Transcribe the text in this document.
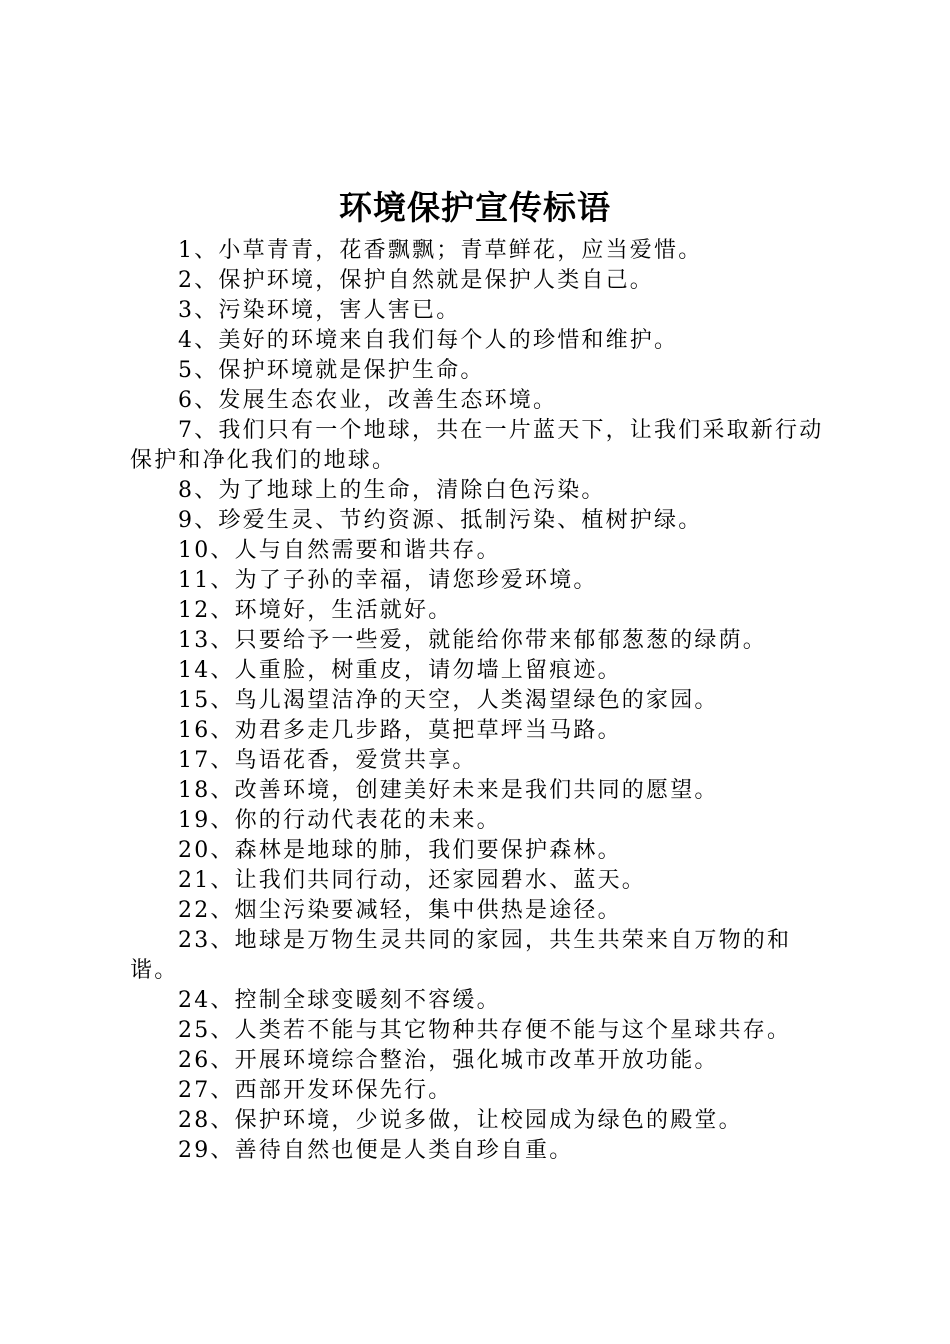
环境保护宣传标语

1、小草青青，花香飘飘；青草鲜花，应当爱惜。

2、保护环境，保护自然就是保护人类自己。

3、污染环境，害人害已。

4、美好的环境来自我们每个人的珍惜和维护。

5、保护环境就是保护生命。

6、发展生态农业，改善生态环境。

7、我们只有一个地球，共在一片蓝天下，让我们采取新行动保护和净化我们的地球。

8、为了地球上的生命，清除白色污染。

9、珍爱生灵、节约资源、抵制污染、植树护绿。

10、人与自然需要和谐共存。

11、为了子孙的幸福，请您珍爱环境。

12、环境好，生活就好。

13、只要给予一些爱，就能给你带来郁郁葱葱的绿荫。

14、人重脸，树重皮，请勿墙上留痕迹。

15、鸟儿渴望洁净的天空，人类渴望绿色的家园。

16、劝君多走几步路，莫把草坪当马路。

17、鸟语花香，爱赏共享。

18、改善环境，创建美好未来是我们共同的愿望。

19、你的行动代表花的未来。

20、森林是地球的肺，我们要保护森林。

21、让我们共同行动，还家园碧水、蓝天。

22、烟尘污染要减轻，集中供热是途径。

23、地球是万物生灵共同的家园，共生共荣来自万物的和谐。

24、控制全球变暖刻不容缓。

25、人类若不能与其它物种共存便不能与这个星球共存。

26、开展环境综合整治，强化城市改革开放功能。

27、西部开发环保先行。

28、保护环境，少说多做，让校园成为绿色的殿堂。

29、善待自然也便是人类自珍自重。
